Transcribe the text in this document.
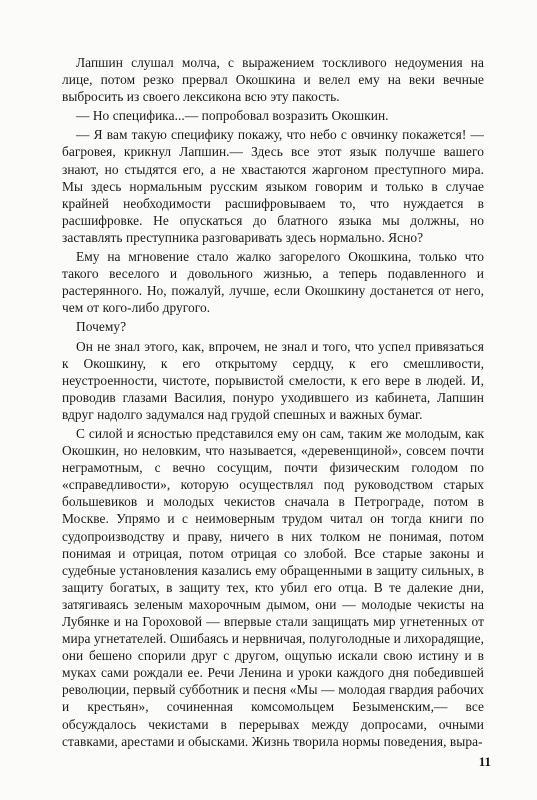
Лапшин слушал молча, с выражением тоскливого недоумения на лице, потом резко прервал Окошкина и велел ему на веки вечные выбросить из своего лексикона всю эту пакость.

— Но специфика...— попробовал возразить Окошкин.

— Я вам такую специфику покажу, что небо с овчинку покажется! — багровея, крикнул Лапшин.— Здесь все этот язык получше вашего знают, но стыдятся его, а не хвастаются жаргоном преступного мира. Мы здесь нормальным русским языком говорим и только в случае крайней необходимости расшифровываем то, что нуждается в расшифровке. Не опускаться до блатного языка мы должны, но заставлять преступника разговаривать здесь нормально. Ясно?

Ему на мгновение стало жалко загорелого Окошкина, только что такого веселого и довольного жизнью, а теперь подавленного и растерянного. Но, пожалуй, лучше, если Окошкину достанется от него, чем от кого-либо другого.

Почему?

Он не знал этого, как, впрочем, не знал и того, что успел привязаться к Окошкину, к его открытому сердцу, к его смешливости, неустроенности, чистоте, порывистой смелости, к его вере в людей. И, проводив глазами Василия, понуро уходившего из кабинета, Лапшин вдруг надолго задумался над грудой спешных и важных бумаг.

С силой и ясностью представился ему он сам, таким же молодым, как Окошкин, но неловким, что называется, «деревенщиной», совсем почти неграмотным, с вечно сосущим, почти физическим голодом по «справедливости», которую осуществлял под руководством старых большевиков и молодых чекистов сначала в Петрограде, потом в Москве. Упрямо и с неимоверным трудом читал он тогда книги по судопроизводству и праву, ничего в них толком не понимая, потом понимая и отрицая, потом отрицая со злобой. Все старые законы и судебные установления казались ему обращенными в защиту сильных, в защиту богатых, в защиту тех, кто убил его отца. В те далекие дни, затягиваясь зеленым махорочным дымом, они — молодые чекисты на Лубянке и на Гороховой — впервые стали защищать мир угнетенных от мира угнетателей. Ошибаясь и нервничая, полуголодные и лихорадящие, они бешено спорили друг с другом, ощупью искали свою истину и в муках сами рождали ее. Речи Ленина и уроки каждого дня победившей революции, первый субботник и песня «Мы — молодая гвардия рабочих и крестьян», сочиненная комсомольцем Безыменским,— все обсуждалось чекистами в перерывах между допросами, очными ставками, арестами и обысками. Жизнь творила нормы поведения, выра-

11
